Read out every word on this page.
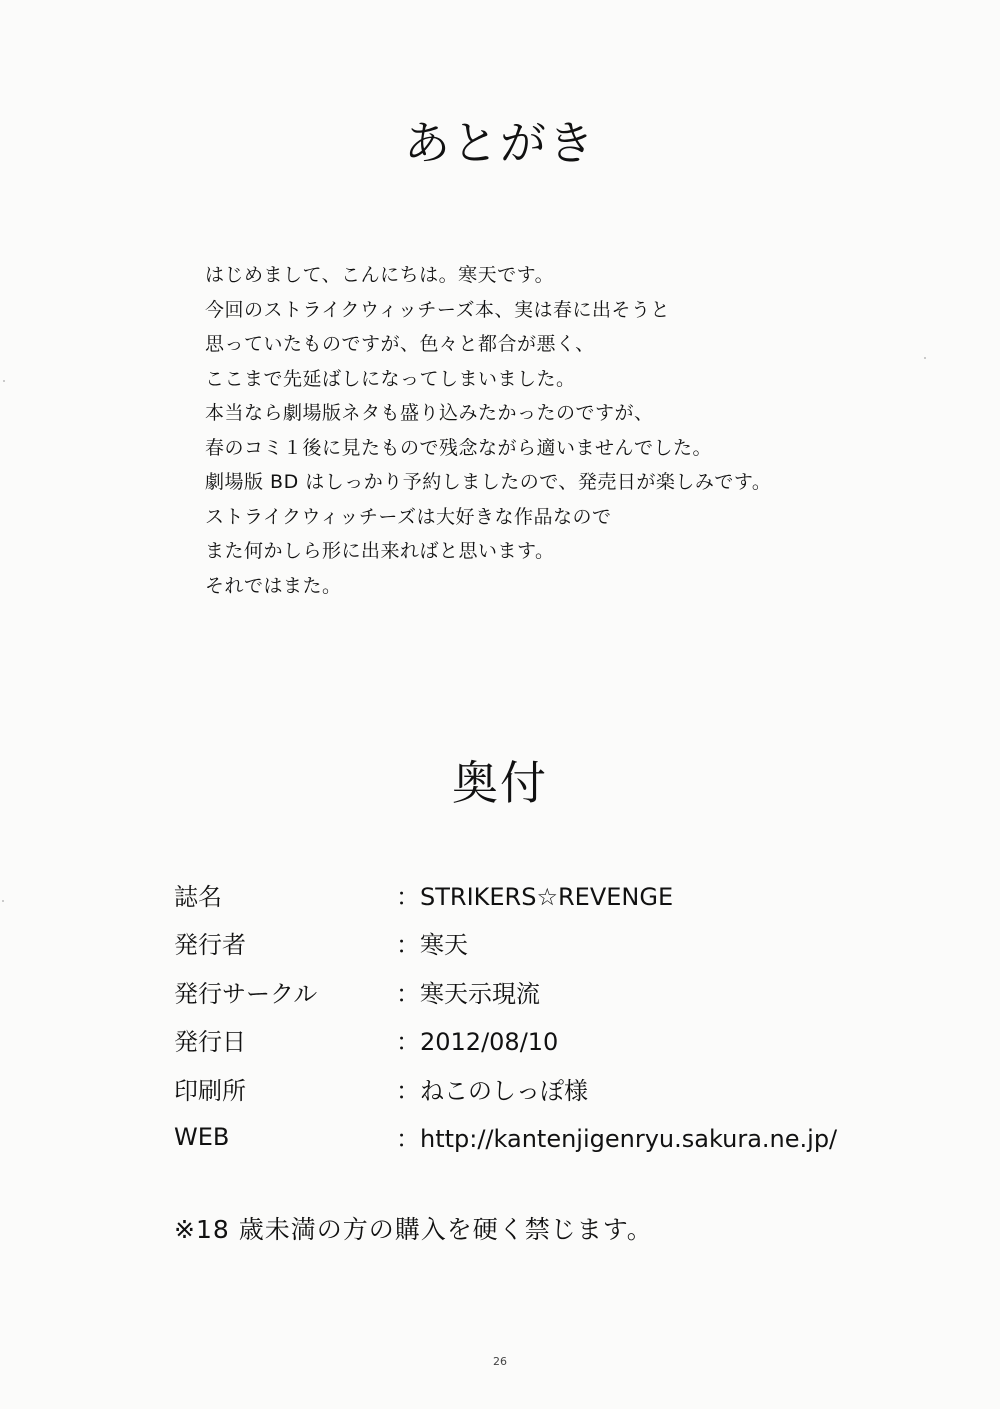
あとがき
はじめまして、こんにちは。寒天です。
今回のストライクウィッチーズ本、実は春に出そうと
思っていたものですが、色々と都合が悪く、
ここまで先延ばしになってしまいました。
本当なら劇場版ネタも盛り込みたかったのですが、
春のコミ１後に見たもので残念ながら適いませんでした。
劇場版 BD はしっかり予約しましたので、発売日が楽しみです。
ストライクウィッチーズは大好きな作品なので
また何かしら形に出来ればと思います。
それではまた。
奥付
誌名	：STRIKERS☆REVENGE
発行者	：寒天
発行サークル	：寒天示現流
発行日	：2012/08/10
印刷所	：ねこのしっぽ様
WEB	：http://kantenjigenryu.sakura.ne.jp/
※18 歳未満の方の購入を硬く禁じます。
26
